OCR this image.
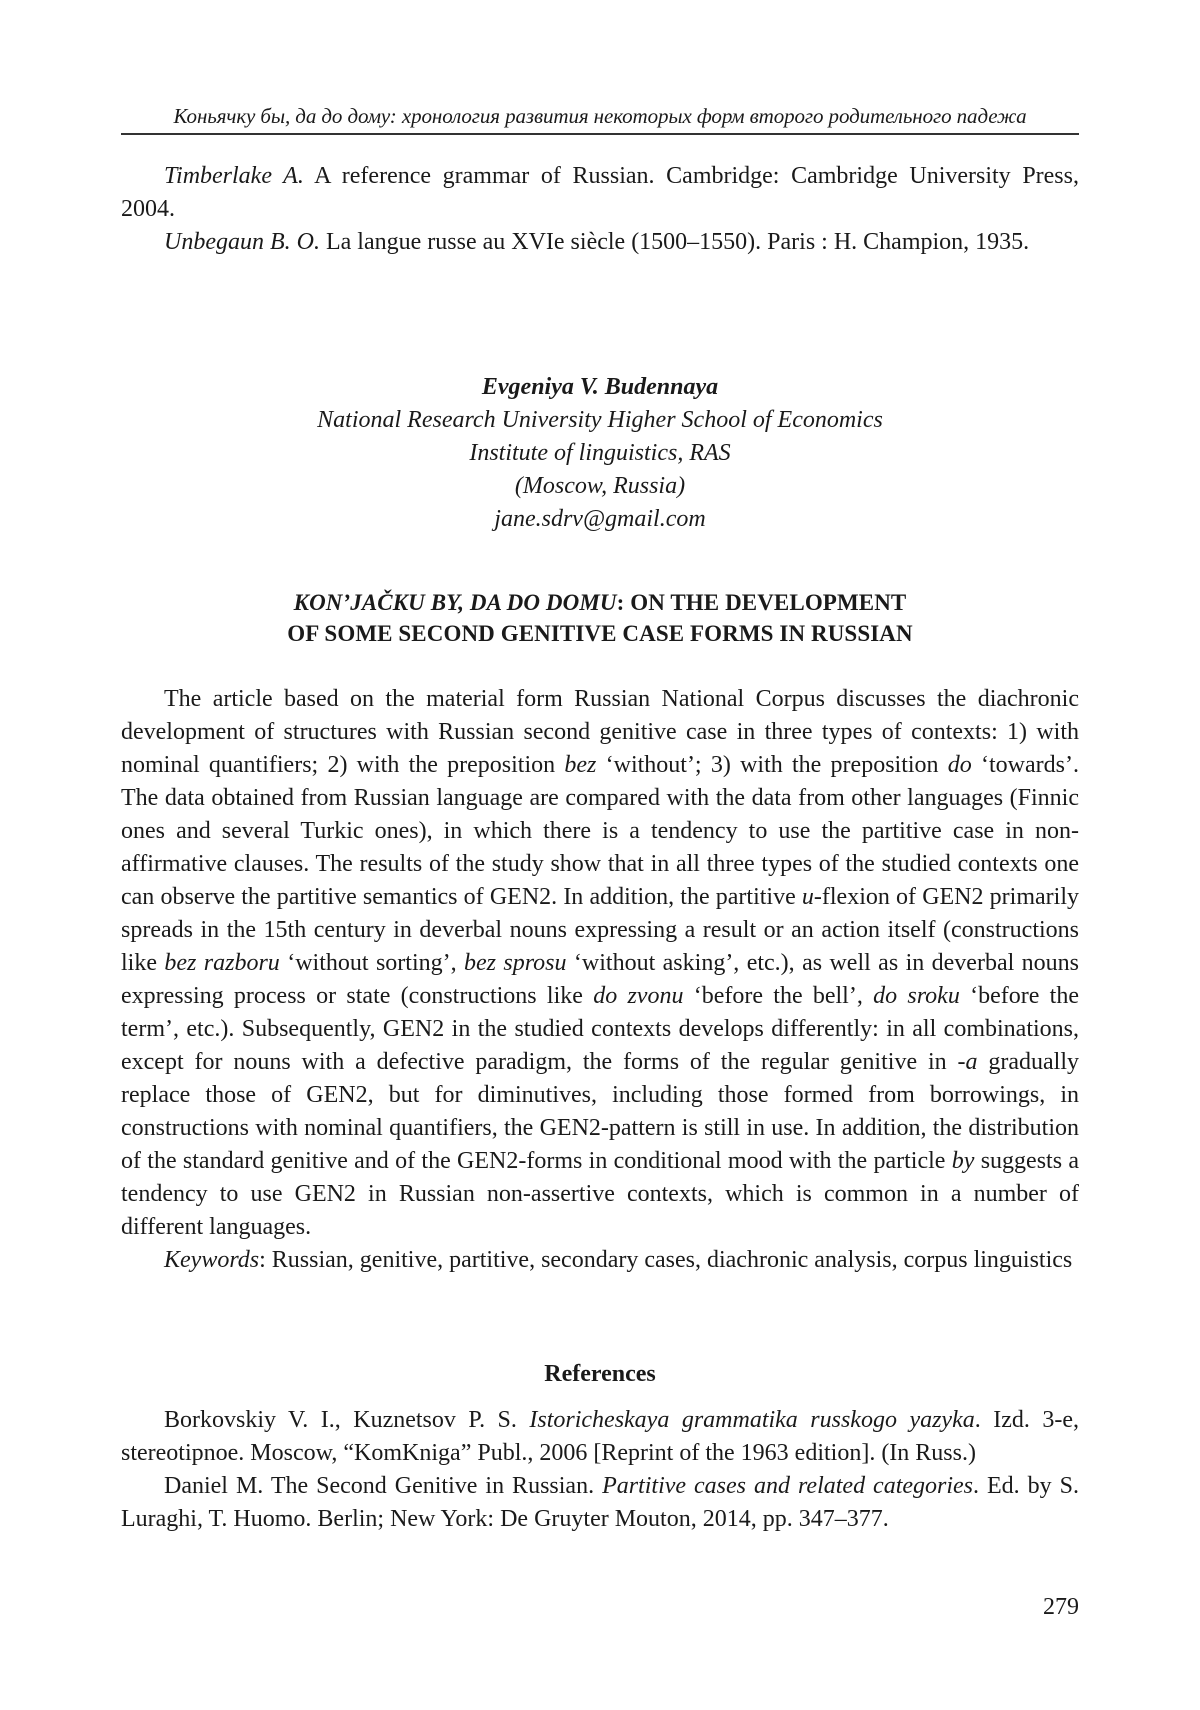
Коньячку бы, да до дому: хронология развития некоторых форм второго родительного падежа

Timberlake A. A reference grammar of Russian. Cambridge: Cambridge University Press, 2004.

Unbegaun B. O. La langue russe au XVIe siècle (1500–1550). Paris : H. Champion, 1935.

Evgeniya V. Budennaya
National Research University Higher School of Economics
Institute of linguistics, RAS
(Moscow, Russia)
jane.sdrv@gmail.com
KON’JAČKU BY, DA DO DOMU: ON THE DEVELOPMENT
OF SOME SECOND GENITIVE CASE FORMS IN RUSSIAN

The article based on the material form Russian National Corpus discusses the diachronic development of structures with Russian second genitive case in three types of contexts: 1) with nominal quantifiers; 2) with the preposition bez ‘without’; 3) with the preposition do ‘towards’. The data obtained from Russian language are compared with the data from other languages (Finnic ones and several Turkic ones), in which there is a tendency to use the partitive case in non-affirmative clauses. The results of the study show that in all three types of the studied contexts one can observe the partitive semantics of GEN2. In addition, the partitive u-flexion of GEN2 primarily spreads in the 15th century in deverbal nouns expressing a result or an action itself (constructions like bez razboru ‘without sorting’, bez sprosu ‘without asking’, etc.), as well as in deverbal nouns expressing process or state (constructions like do zvonu ‘before the bell’, do sroku ‘before the term’, etc.). Subsequently, GEN2 in the studied contexts develops differently: in all combinations, except for nouns with a defective paradigm, the forms of the regular genitive in -a gradually replace those of GEN2, but for diminutives, including those formed from borrowings, in constructions with nominal quantifiers, the GEN2-pattern is still in use. In addition, the distribution of the standard genitive and of the GEN2-forms in conditional mood with the particle by suggests a tendency to use GEN2 in Russian non-assertive contexts, which is common in a number of different languages.

Keywords: Russian, genitive, partitive, secondary cases, diachronic analysis, corpus linguistics

References

Borkovskiy V. I., Kuznetsov P. S. Istoricheskaya grammatika russkogo yazyka. Izd. 3-e, stereotipnoe. Moscow, “KomKniga” Publ., 2006 [Reprint of the 1963 edition]. (In Russ.)

Daniel M. The Second Genitive in Russian. Partitive cases and related categories. Ed. by S. Luraghi, T. Huomo. Berlin; New York: De Gruyter Mouton, 2014, pp. 347–377.

279
